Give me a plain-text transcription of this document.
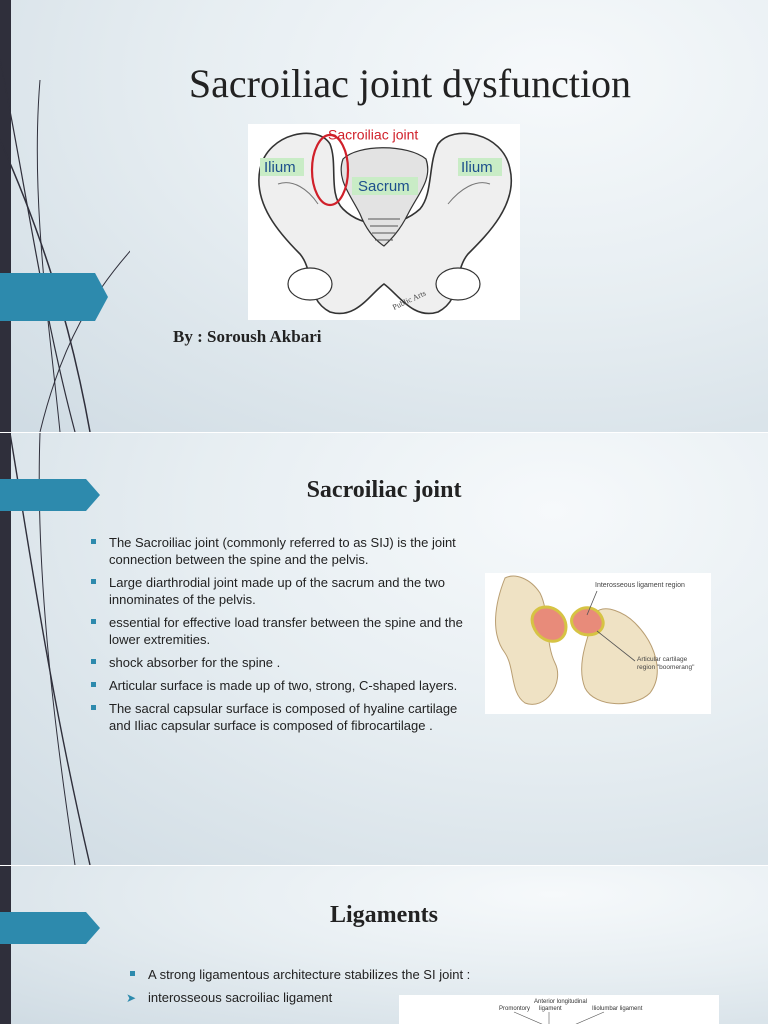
Sacroiliac joint dysfunction
Sacroiliac joint
Ilium	Ilium
Sacrum
Public Arts
By : Soroush Akbari
Sacroiliac joint
The Sacroiliac joint (commonly referred to as SIJ) is the joint connection between the spine and the pelvis.
Large diarthrodial joint made up of the sacrum and the two innominates of the pelvis.
essential for effective load transfer between the spine and the lower extremities.
shock absorber for the spine .
Articular surface is made up of two, strong, C-shaped layers.
The sacral capsular surface is composed of hyaline cartilage and Iliac capsular surface is composed of fibrocartilage .
Interosseous ligament region
Articular cartilage
region "boomerang"
Ligaments
A strong ligamentous architecture stabilizes the SI joint :
➤ interosseous sacroiliac ligament
Promontory
Anterior longitudinal
ligament	Iliolumbar ligament
